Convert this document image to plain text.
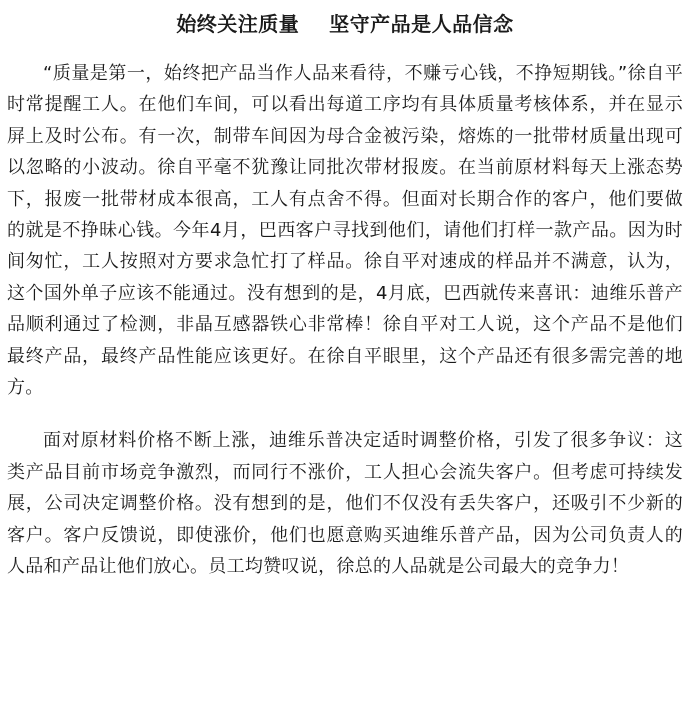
始终关注质量    坚守产品是人品信念

“质量是第一，始终把产品当作人品来看待，不赚亏心钱，不挣短期钱。”徐自平时常提醒工人。在他们车间，可以看出每道工序均有具体质量考核体系，并在显示屏上及时公布。有一次，制带车间因为母合金被污染，熔炼的一批带材质量出现可以忽略的小波动。徐自平毫不犹豫让同批次带材报废。在当前原材料每天上涨态势下，报废一批带材成本很高，工人有点舍不得。但面对长期合作的客户，他们要做的就是不挣昧心钱。今年4月，巴西客户寻找到他们，请他们打样一款产品。因为时间匆忙，工人按照对方要求急忙打了样品。徐自平对速成的样品并不满意，认为，这个国外单子应该不能通过。没有想到的是，4月底，巴西就传来喜讯：迪维乐普产品顺利通过了检测，非晶互感器铁心非常棒！徐自平对工人说，这个产品不是他们最终产品，最终产品性能应该更好。在徐自平眼里，这个产品还有很多需完善的地方。

面对原材料价格不断上涨，迪维乐普决定适时调整价格，引发了很多争议：这类产品目前市场竞争激烈，而同行不涨价，工人担心会流失客户。但考虑可持续发展，公司决定调整价格。没有想到的是，他们不仅没有丢失客户，还吸引不少新的客户。客户反馈说，即使涨价，他们也愿意购买迪维乐普产品，因为公司负责人的人品和产品让他们放心。员工均赞叹说，徐总的人品就是公司最大的竞争力！
